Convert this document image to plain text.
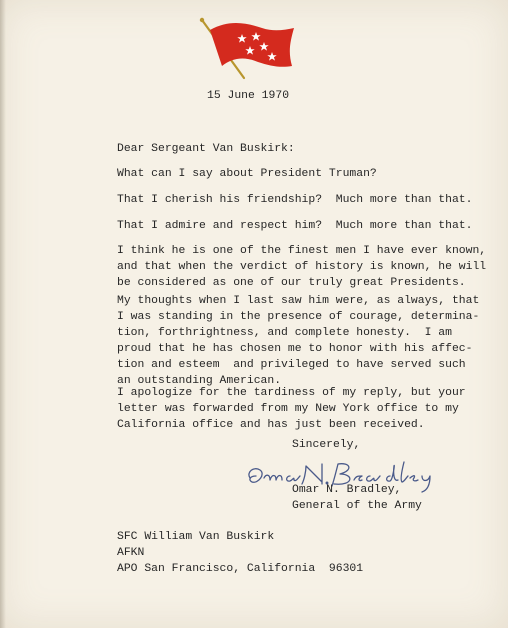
15 June 1970
Dear Sergeant Van Buskirk:
What can I say about President Truman?
That I cherish his friendship?  Much more than that.
That I admire and respect him?  Much more than that.
I think he is one of the finest men I have ever known,
and that when the verdict of history is known, he will
be considered as one of our truly great Presidents.
My thoughts when I last saw him were, as always, that
I was standing in the presence of courage, determina-
tion, forthrightness, and complete honesty.  I am
proud that he has chosen me to honor with his affec-
tion and esteem  and privileged to have served such
an outstanding American.
I apologize for the tardiness of my reply, but your
letter was forwarded from my New York office to my
California office and has just been received.
Sincerely,
Omar N. Bradley,
General of the Army
SFC William Van Buskirk
AFKN
APO San Francisco, California  96301
